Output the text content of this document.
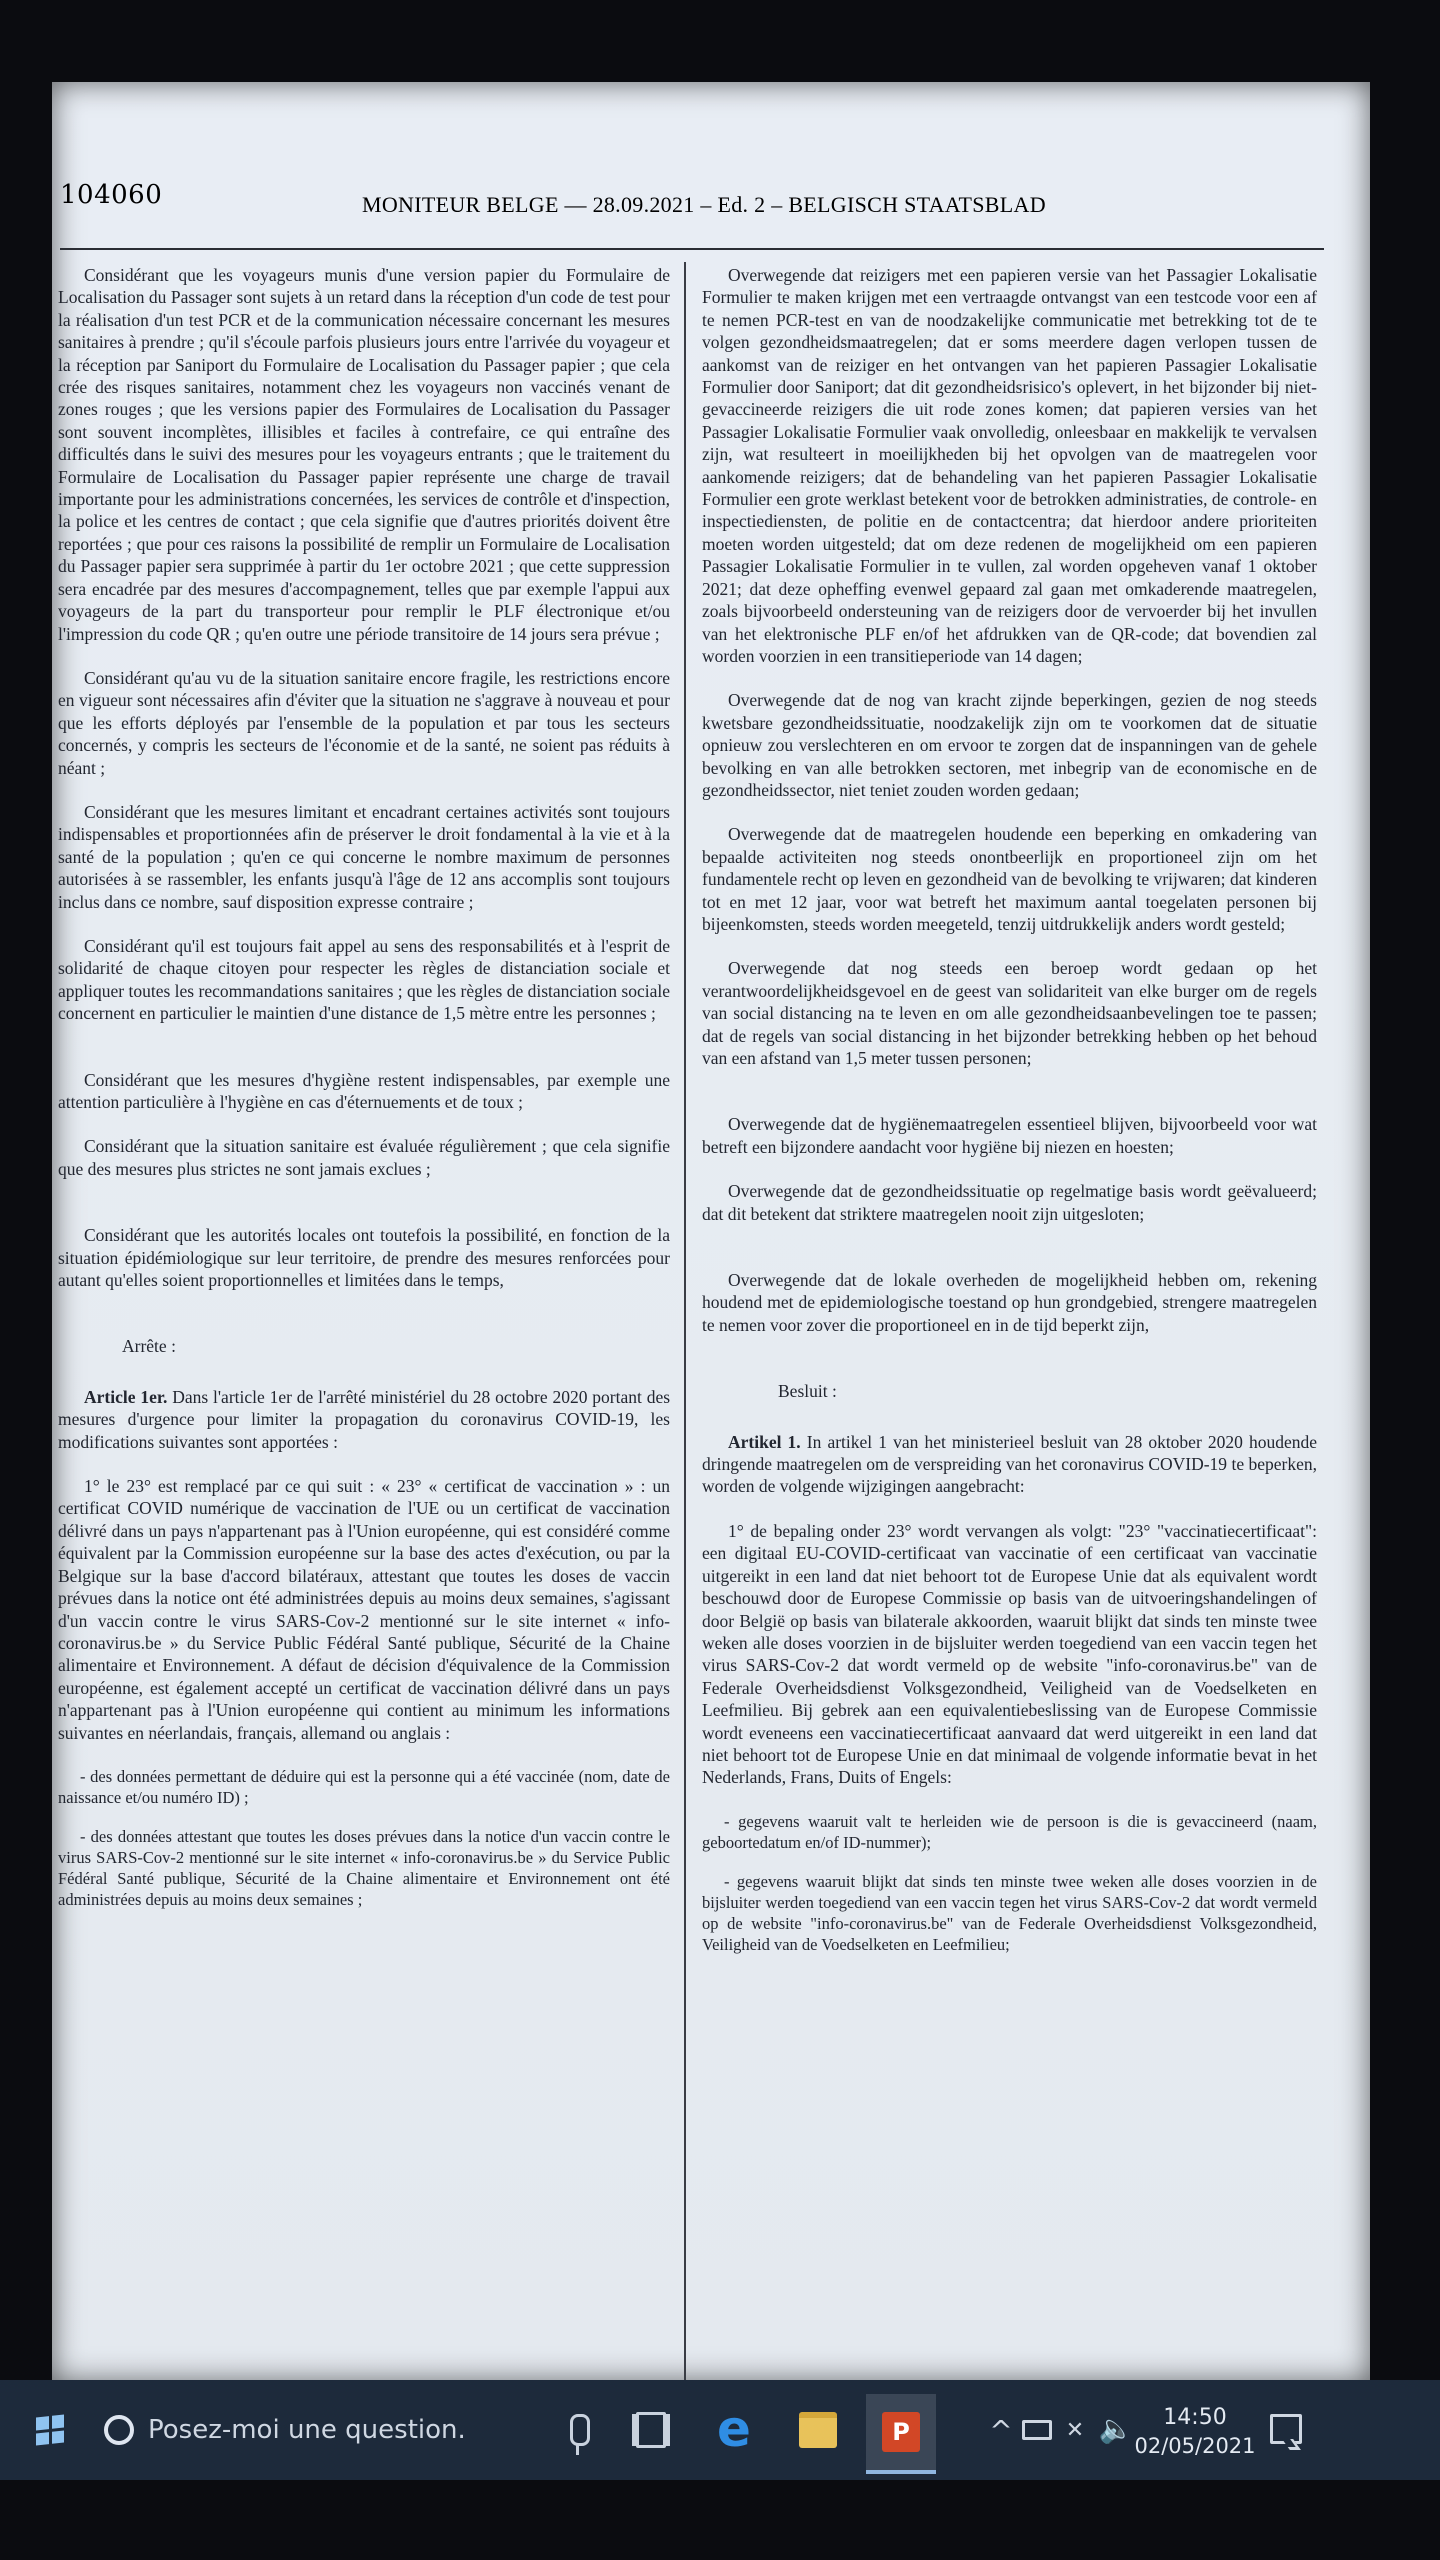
104060	MONITEUR BELGE — 28.09.2021 – Ed. 2 – BELGISCH STAATSBLAD

Considérant que les voyageurs munis d'une version papier du Formulaire de Localisation du Passager sont sujets à un retard dans la réception d'un code de test pour la réalisation d'un test PCR et de la communication nécessaire concernant les mesures sanitaires à prendre ; qu'il s'écoule parfois plusieurs jours entre l'arrivée du voyageur et la réception par Saniport du Formulaire de Localisation du Passager papier ; que cela crée des risques sanitaires, notamment chez les voyageurs non vaccinés venant de zones rouges ; que les versions papier des Formulaires de Localisation du Passager sont souvent incomplètes, illisibles et faciles à contrefaire, ce qui entraîne des difficultés dans le suivi des mesures pour les voyageurs entrants ; que le traitement du Formulaire de Localisation du Passager papier représente une charge de travail importante pour les administrations concernées, les services de contrôle et d'inspection, la police et les centres de contact ; que cela signifie que d'autres priorités doivent être reportées ; que pour ces raisons la possibilité de remplir un Formulaire de Localisation du Passager papier sera supprimée à partir du 1er octobre 2021 ; que cette suppression sera encadrée par des mesures d'accompagnement, telles que par exemple l'appui aux voyageurs de la part du transporteur pour remplir le PLF électronique et/ou l'impression du code QR ; qu'en outre une période transitoire de 14 jours sera prévue ;

Considérant qu'au vu de la situation sanitaire encore fragile, les restrictions encore en vigueur sont nécessaires afin d'éviter que la situation ne s'aggrave à nouveau et pour que les efforts déployés par l'ensemble de la population et par tous les secteurs concernés, y compris les secteurs de l'économie et de la santé, ne soient pas réduits à néant ;

Considérant que les mesures limitant et encadrant certaines activités sont toujours indispensables et proportionnées afin de préserver le droit fondamental à la vie et à la santé de la population ; qu'en ce qui concerne le nombre maximum de personnes autorisées à se rassembler, les enfants jusqu'à l'âge de 12 ans accomplis sont toujours inclus dans ce nombre, sauf disposition expresse contraire ;

Considérant qu'il est toujours fait appel au sens des responsabilités et à l'esprit de solidarité de chaque citoyen pour respecter les règles de distanciation sociale et appliquer toutes les recommandations sanitaires ; que les règles de distanciation sociale concernent en particulier le maintien d'une distance de 1,5 mètre entre les personnes ;

Considérant que les mesures d'hygiène restent indispensables, par exemple une attention particulière à l'hygiène en cas d'éternuements et de toux ;

Considérant que la situation sanitaire est évaluée régulièrement ; que cela signifie que des mesures plus strictes ne sont jamais exclues ;

Considérant que les autorités locales ont toutefois la possibilité, en fonction de la situation épidémiologique sur leur territoire, de prendre des mesures renforcées pour autant qu'elles soient proportionnelles et limitées dans le temps,

Arrête :

Article 1er. Dans l'article 1er de l'arrêté ministériel du 28 octobre 2020 portant des mesures d'urgence pour limiter la propagation du coronavirus COVID-19, les modifications suivantes sont apportées :

1° le 23° est remplacé par ce qui suit : « 23° « certificat de vaccination » : un certificat COVID numérique de vaccination de l'UE ou un certificat de vaccination délivré dans un pays n'appartenant pas à l'Union européenne, qui est considéré comme équivalent par la Commission européenne sur la base des actes d'exécution, ou par la Belgique sur la base d'accord bilatéraux, attestant que toutes les doses de vaccin prévues dans la notice ont été administrées depuis au moins deux semaines, s'agissant d'un vaccin contre le virus SARS-Cov-2 mentionné sur le site internet « info-coronavirus.be » du Service Public Fédéral Santé publique, Sécurité de la Chaine alimentaire et Environnement. A défaut de décision d'équivalence de la Commission européenne, est également accepté un certificat de vaccination délivré dans un pays n'appartenant pas à l'Union européenne qui contient au minimum les informations suivantes en néerlandais, français, allemand ou anglais :

- des données permettant de déduire qui est la personne qui a été vaccinée (nom, date de naissance et/ou numéro ID) ;

- des données attestant que toutes les doses prévues dans la notice d'un vaccin contre le virus SARS-Cov-2 mentionné sur le site internet « info-coronavirus.be » du Service Public Fédéral Santé publique, Sécurité de la Chaine alimentaire et Environnement ont été administrées depuis au moins deux semaines ;

Overwegende dat reizigers met een papieren versie van het Passagier Lokalisatie Formulier te maken krijgen met een vertraagde ontvangst van een testcode voor een af te nemen PCR-test en van de noodzakelijke communicatie met betrekking tot de te volgen gezondheidsmaatregelen; dat er soms meerdere dagen verlopen tussen de aankomst van de reiziger en het ontvangen van het papieren Passagier Lokalisatie Formulier door Saniport; dat dit gezondheidsrisico's oplevert, in het bijzonder bij niet-gevaccineerde reizigers die uit rode zones komen; dat papieren versies van het Passagier Lokalisatie Formulier vaak onvolledig, onleesbaar en makkelijk te vervalsen zijn, wat resulteert in moeilijkheden bij het opvolgen van de maatregelen voor aankomende reizigers; dat de behandeling van het papieren Passagier Lokalisatie Formulier een grote werklast betekent voor de betrokken administraties, de controle- en inspectiediensten, de politie en de contactcentra; dat hierdoor andere prioriteiten moeten worden uitgesteld; dat om deze redenen de mogelijkheid om een papieren Passagier Lokalisatie Formulier in te vullen, zal worden opgeheven vanaf 1 oktober 2021; dat deze opheffing evenwel gepaard zal gaan met omkaderende maatregelen, zoals bijvoorbeeld ondersteuning van de reizigers door de vervoerder bij het invullen van het elektronische PLF en/of het afdrukken van de QR-code; dat bovendien zal worden voorzien in een transitieperiode van 14 dagen;

Overwegende dat de nog van kracht zijnde beperkingen, gezien de nog steeds kwetsbare gezondheidssituatie, noodzakelijk zijn om te voorkomen dat de situatie opnieuw zou verslechteren en om ervoor te zorgen dat de inspanningen van de gehele bevolking en van alle betrokken sectoren, met inbegrip van de economische en de gezondheidssector, niet teniet zouden worden gedaan;

Overwegende dat de maatregelen houdende een beperking en omkadering van bepaalde activiteiten nog steeds onontbeerlijk en proportioneel zijn om het fundamentele recht op leven en gezondheid van de bevolking te vrijwaren; dat kinderen tot en met 12 jaar, voor wat betreft het maximum aantal toegelaten personen bij bijeenkomsten, steeds worden meegeteld, tenzij uitdrukkelijk anders wordt gesteld;

Overwegende dat nog steeds een beroep wordt gedaan op het verantwoordelijkheidsgevoel en de geest van solidariteit van elke burger om de regels van social distancing na te leven en om alle gezondheidsaanbevelingen toe te passen; dat de regels van social distancing in het bijzonder betrekking hebben op het behoud van een afstand van 1,5 meter tussen personen;

Overwegende dat de hygiënemaatregelen essentieel blijven, bijvoorbeeld voor wat betreft een bijzondere aandacht voor hygiëne bij niezen en hoesten;

Overwegende dat de gezondheidssituatie op regelmatige basis wordt geëvalueerd; dat dit betekent dat striktere maatregelen nooit zijn uitgesloten;

Overwegende dat de lokale overheden de mogelijkheid hebben om, rekening houdend met de epidemiologische toestand op hun grondgebied, strengere maatregelen te nemen voor zover die proportioneel en in de tijd beperkt zijn,

Besluit :

Artikel 1. In artikel 1 van het ministerieel besluit van 28 oktober 2020 houdende dringende maatregelen om de verspreiding van het coronavirus COVID-19 te beperken, worden de volgende wijzigingen aangebracht:

1° de bepaling onder 23° wordt vervangen als volgt: "23° "vaccinatiecertificaat": een digitaal EU-COVID-certificaat van vaccinatie of een certificaat van vaccinatie uitgereikt in een land dat niet behoort tot de Europese Unie dat als equivalent wordt beschouwd door de Europese Commissie op basis van de uitvoeringshandelingen of door België op basis van bilaterale akkoorden, waaruit blijkt dat sinds ten minste twee weken alle doses voorzien in de bijsluiter werden toegediend van een vaccin tegen het virus SARS-Cov-2 dat wordt vermeld op de website "info-coronavirus.be" van de Federale Overheidsdienst Volksgezondheid, Veiligheid van de Voedselketen en Leefmilieu. Bij gebrek aan een equivalentiebeslissing van de Europese Commissie wordt eveneens een vaccinatiecertificaat aanvaard dat werd uitgereikt in een land dat niet behoort tot de Europese Unie en dat minimaal de volgende informatie bevat in het Nederlands, Frans, Duits of Engels:

- gegevens waaruit valt te herleiden wie de persoon is die is gevaccineerd (naam, geboortedatum en/of ID-nummer);

- gegevens waaruit blijkt dat sinds ten minste twee weken alle doses voorzien in de bijsluiter werden toegediend van een vaccin tegen het virus SARS-Cov-2 dat wordt vermeld op de website "info-coronavirus.be" van de Federale Overheidsdienst Volksgezondheid, Veiligheid van de Voedselketen en Leefmilieu;

Posez-moi une question.	e	P	^ ✕ 🔈 14:50
02/05/2021
